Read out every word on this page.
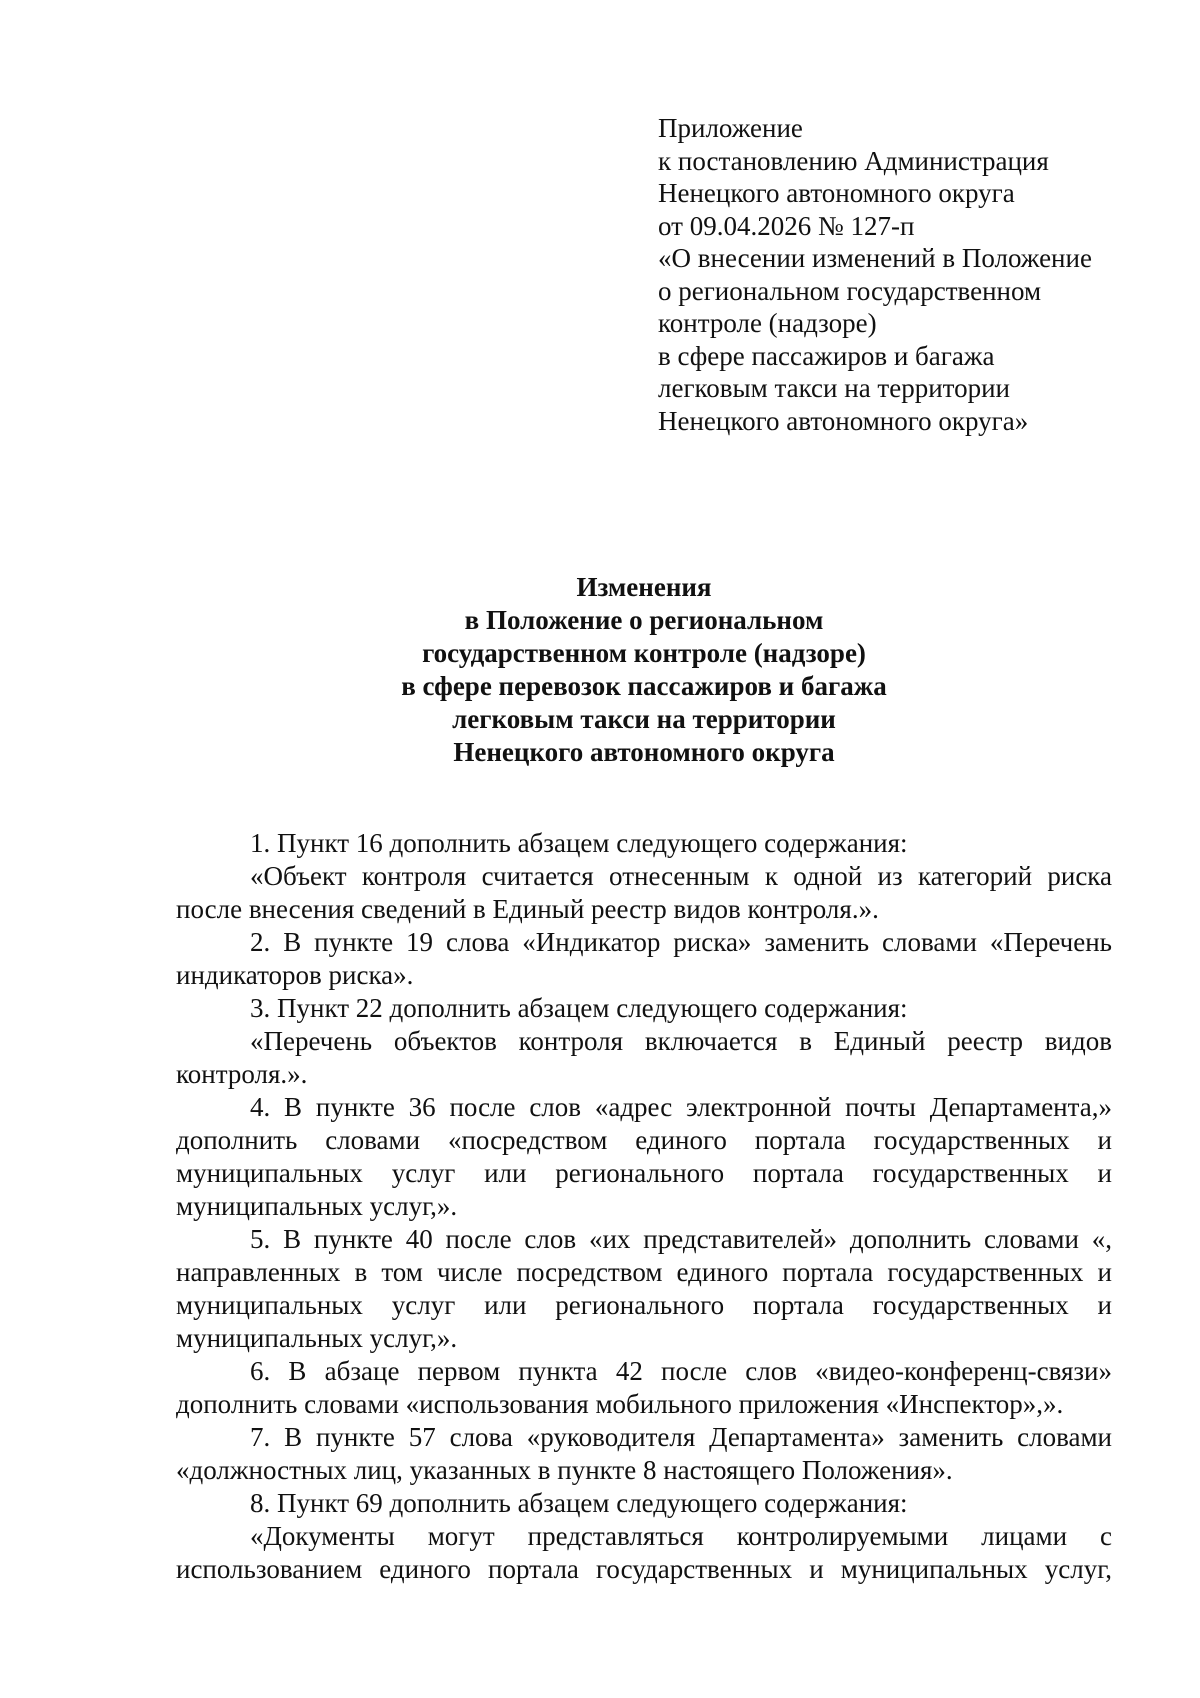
Приложение
к постановлению Администрация
Ненецкого автономного округа
от 09.04.2026 № 127-п
«О внесении изменений в Положение
о региональном государственном
контроле (надзоре)
в сфере пассажиров и багажа
легковым такси на территории
Ненецкого автономного округа»
Изменения
в Положение о региональном
государственном контроле (надзоре)
в сфере перевозок пассажиров и багажа
легковым такси на территории
Ненецкого автономного округа

1. Пункт 16 дополнить абзацем следующего содержания:

«Объект контроля считается отнесенным к одной из категорий риска после внесения сведений в Единый реестр видов контроля.».

2. В пункте 19 слова «Индикатор риска» заменить словами «Перечень индикаторов риска».

3. Пункт 22 дополнить абзацем следующего содержания:

«Перечень объектов контроля включается в Единый реестр видов контроля.».

4. В пункте 36 после слов «адрес электронной почты Департамента,» дополнить словами «посредством единого портала государственных и муниципальных услуг или регионального портала государственных и муниципальных услуг,».

5. В пункте 40 после слов «их представителей» дополнить словами «, направленных в том числе посредством единого портала государственных и муниципальных услуг или регионального портала государственных и муниципальных услуг,».

6. В абзаце первом пункта 42 после слов «видео-конференц-связи» дополнить словами «использования мобильного приложения «Инспектор»,».

7. В пункте 57 слова «руководителя Департамента» заменить словами «должностных лиц, указанных в пункте 8 настоящего Положения».

8. Пункт 69 дополнить абзацем следующего содержания:

«Документы могут представляться контролируемыми лицами с использованием единого портала государственных и муниципальных услуг,
